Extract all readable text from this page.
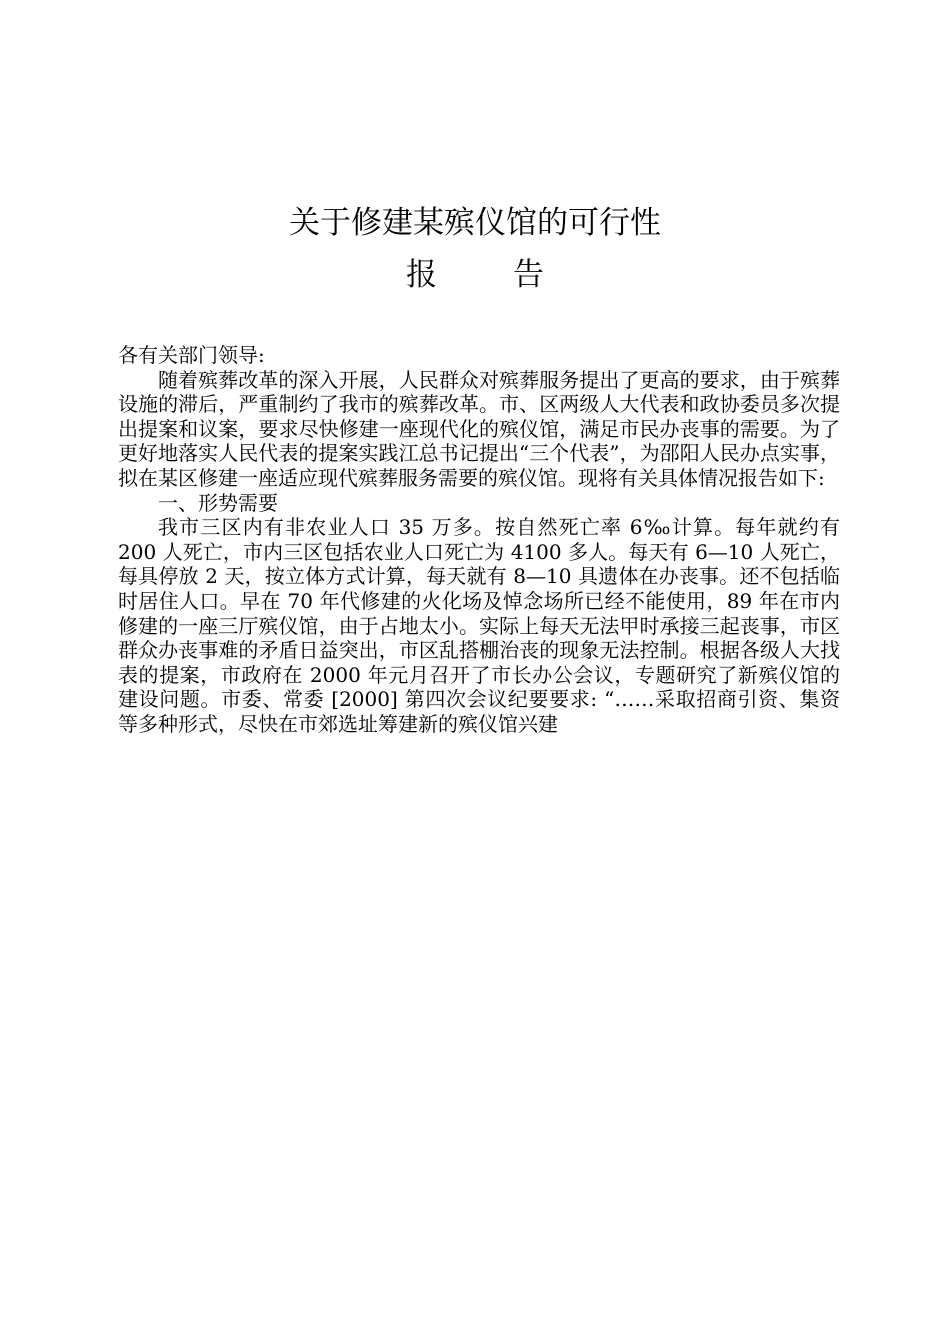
关于修建某殡仪馆的可行性
报 告

各有关部门领导:

随着殡葬改革的深入开展，人民群众对殡葬服务提出了更高的要求，由于殡葬设施的滞后，严重制约了我市的殡葬改革。市、区两级人大代表和政协委员多次提出提案和议案，要求尽快修建一座现代化的殡仪馆，满足市民办丧事的需要。为了更好地落实人民代表的提案实践江总书记提出“三个代表”，为邵阳人民办点实事，拟在某区修建一座适应现代殡葬服务需要的殡仪馆。现将有关具体情况报告如下:

一、形势需要

我市三区内有非农业人口 35 万多。按自然死亡率 6‰计算。每年就约有 200 人死亡，市内三区包括农业人口死亡为 4100 多人。每天有 6—10 人死亡，每具停放 2 天，按立体方式计算，每天就有 8—10 具遗体在办丧事。还不包括临时居住人口。早在 70 年代修建的火化场及悼念场所已经不能使用，89 年在市内修建的一座三厅殡仪馆，由于占地太小。实际上每天无法甲时承接三起丧事，市区群众办丧事难的矛盾日益突出，市区乱搭棚治丧的现象无法控制。根据各级人大找表的提案，市政府在 2000 年元月召开了市长办公会议，专题研究了新殡仪馆的建设问题。市委、常委 [2000] 第四次会议纪要要求: “……采取招商引资、集资等多种形式，尽快在市郊选址筹建新的殡仪馆兴建
